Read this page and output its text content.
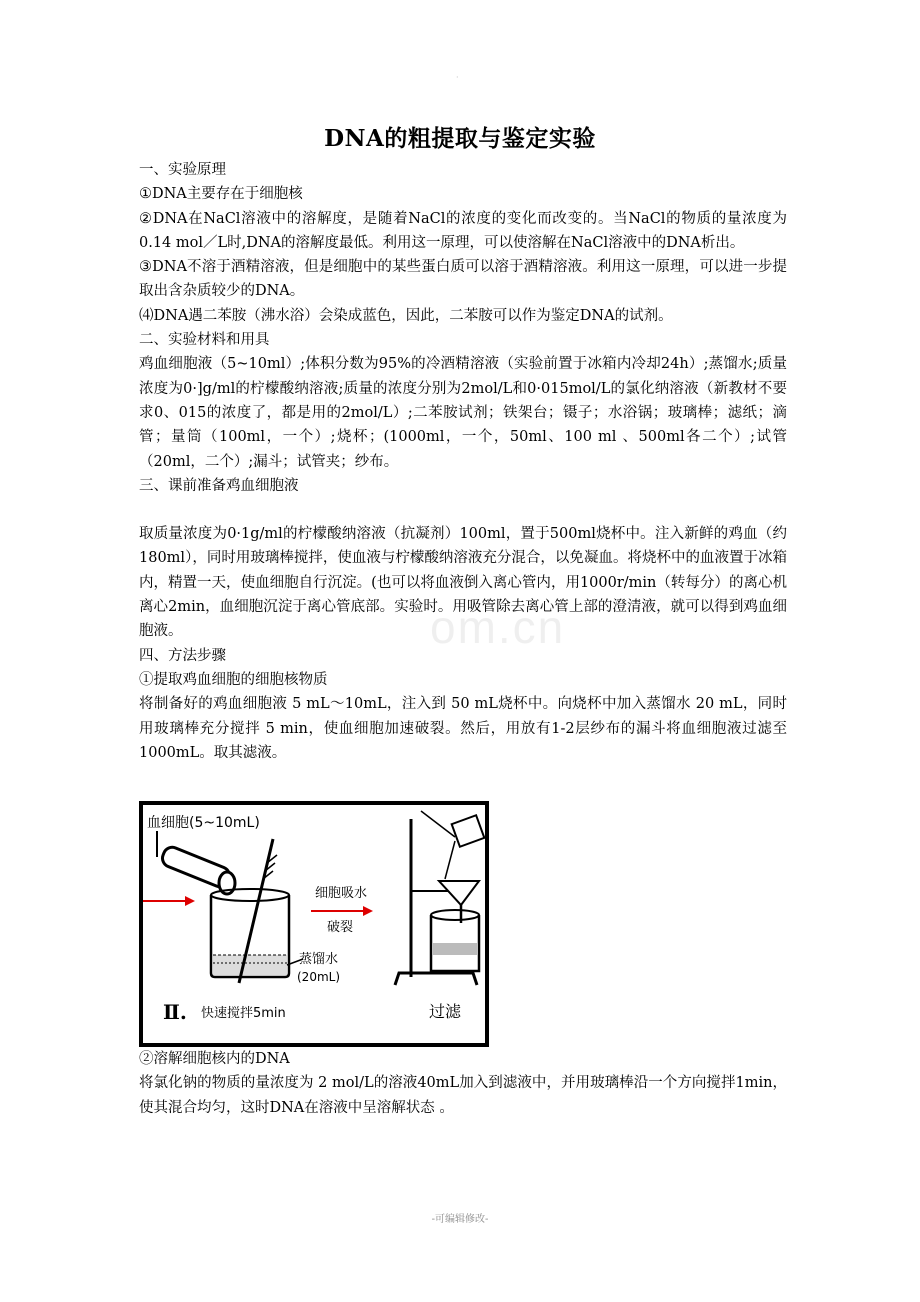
·
DNA的粗提取与鉴定实验
om.cn

一、实验原理

①DNA主要存在于细胞核

②DNA在NaCl溶液中的溶解度，是随着NaCl的浓度的变化而改变的。当NaCl的物质的量浓度为 0.14 mol／L时,DNA的溶解度最低。利用这一原理，可以使溶解在NaCl溶液中的DNA析出。

③DNA不溶于酒精溶液，但是细胞中的某些蛋白质可以溶于酒精溶液。利用这一原理，可以进一步提取出含杂质较少的DNA。

⑷DNA遇二苯胺（沸水浴）会染成蓝色，因此，二苯胺可以作为鉴定DNA的试剂。

二、实验材料和用具

鸡血细胞液（5~10ml）;体积分数为95%的冷酒精溶液（实验前置于冰箱内冷却24h）;蒸馏水;质量浓度为0·]g/ml的柠檬酸纳溶液;质量的浓度分别为2mol/L和0·015mol/L的氯化纳溶液（新教材不要求0、015的浓度了，都是用的2mol/L）;二苯胺试剂；铁架台；镊子；水浴锅；玻璃棒；滤纸；滴管；量筒（100ml，一个）;烧杯；(1000ml，一个，50ml、100 ml 、500ml各二个）;试管（20ml，二个）;漏斗；试管夹；纱布。

三、课前准备鸡血细胞液

取质量浓度为0·1g/ml的柠檬酸纳溶液（抗凝剂）100ml，置于500ml烧杯中。注入新鲜的鸡血（约180ml），同时用玻璃棒搅拌，使血液与柠檬酸纳溶液充分混合，以免凝血。将烧杯中的血液置于冰箱内，精置一天，使血细胞自行沉淀。(也可以将血液倒入离心管内，用1000r/min（转每分）的离心机离心2min，血细胞沉淀于离心管底部。实验时。用吸管除去离心管上部的澄清液，就可以得到鸡血细胞液。

四、方法步骤

①提取鸡血细胞的细胞核物质

将制备好的鸡血细胞液 5 mL～10mL，注入到 50 mL烧杯中。向烧杯中加入蒸馏水 20 mL，同时用玻璃棒充分搅拌 5 min，使血细胞加速破裂。然后，用放有1-2层纱布的漏斗将血细胞液过滤至1000mL。取其滤液。

血细胞(5~10mL)
蒸馏水
(20mL)
细胞吸水
破裂
Ⅱ. 快速搅拌5min	过滤

②溶解细胞核内的DNA

将氯化钠的物质的量浓度为 2 mol/L的溶液40mL加入到滤液中，并用玻璃棒沿一个方向搅拌1min，使其混合均匀，这时DNA在溶液中呈溶解状态 。

-可编辑修改-
